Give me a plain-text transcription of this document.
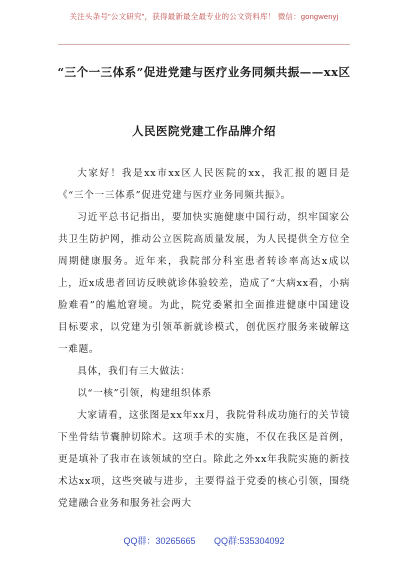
关注头条号"公文研究"，获得最新最全最专业的公文资料库！ 微信：gongwenyj
“三个一三体系”促进党建与医疗业务同频共振——xx区
人民医院党建工作品牌介绍

大家好！我是xx市xx区人民医院的xx，我汇报的题目是《“三个一三体系”促进党建与医疗业务同频共振》。

习近平总书记指出，要加快实施健康中国行动，织牢国家公共卫生防护网，推动公立医院高质量发展，为人民提供全方位全周期健康服务。近年来，我院部分科室患者转诊率高达x成以上，近x成患者回访反映就诊体验较差，造成了“大病xx看，小病脸难看”的尴尬窘境。为此，院党委紧扣全面推进健康中国建设目标要求，以党建为引领革新就诊模式，创优医疗服务来破解这一难题。

具体，我们有三大做法：

以“一核”引领，构建组织体系

大家请看，这张图是xx年xx月，我院骨科成功施行的关节镜下坐骨结节囊肿切除术。这项手术的实施，不仅在我区是首例，更是填补了我市在该领域的空白。除此之外xx年我院实施的新技术达xx项，这些突破与进步，主要得益于党委的核心引领，围绕党建融合业务和服务社会两大

QQ群：30265665 QQ群:535304092
